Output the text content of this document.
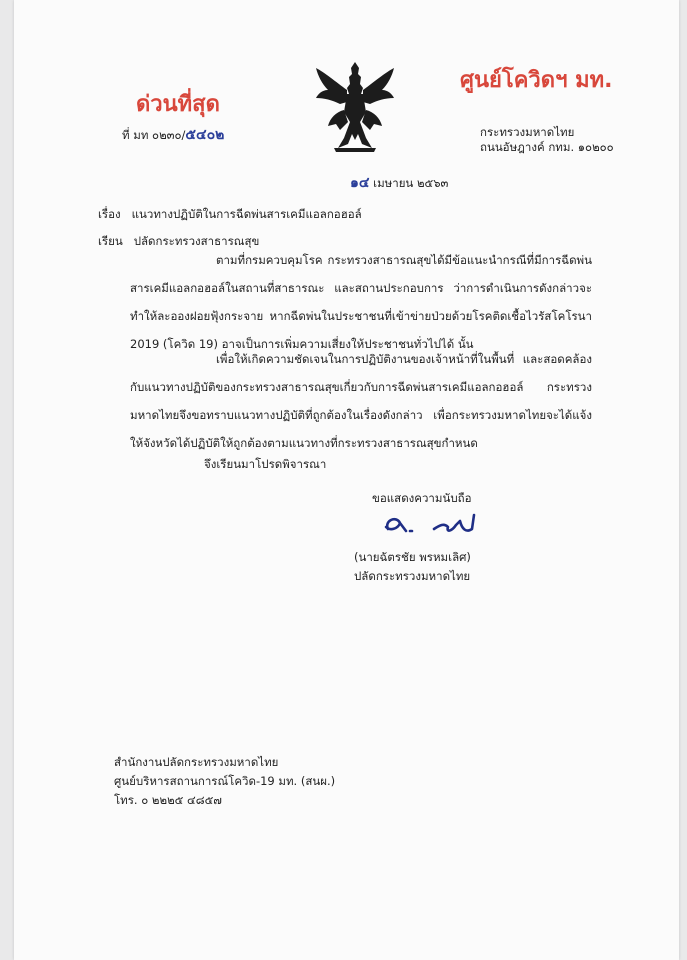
ด่วนที่สุด
ศูนย์โควิดฯ มท.
ที่ มท ๐๒๓๐/๕๔๐๒	กระทรวงมหาดไทย
ถนนอัษฎางค์ กทม. ๑๐๒๐๐
๑๔ เมษายน ๒๕๖๓
เรื่อง แนวทางปฏิบัติในการฉีดพ่นสารเคมีแอลกอฮอล์
เรียน ปลัดกระทรวงสาธารณสุข
ตามที่กรมควบคุมโรค กระทรวงสาธารณสุขได้มีข้อแนะนำกรณีที่มีการฉีดพ่นสารเคมีแอลกอฮอล์ในสถานที่สาธารณะ และสถานประกอบการ ว่าการดำเนินการดังกล่าวจะทำให้ละอองฝอยฟุ้งกระจาย หากฉีดพ่นในประชาชนที่เข้าข่ายป่วยด้วยโรคติดเชื้อไวรัสโคโรนา 2019 (โควิด 19) อาจเป็นการเพิ่มความเสี่ยงให้ประชาชนทั่วไปได้ นั้น
เพื่อให้เกิดความชัดเจนในการปฏิบัติงานของเจ้าหน้าที่ในพื้นที่ และสอดคล้องกับแนวทางปฏิบัติของกระทรวงสาธารณสุขเกี่ยวกับการฉีดพ่นสารเคมีแอลกอฮอล์ กระทรวงมหาดไทยจึงขอทราบแนวทางปฏิบัติที่ถูกต้องในเรื่องดังกล่าว เพื่อกระทรวงมหาดไทยจะได้แจ้งให้จังหวัดได้ปฏิบัติให้ถูกต้องตามแนวทางที่กระทรวงสาธารณสุขกำหนด
จึงเรียนมาโปรดพิจารณา
ขอแสดงความนับถือ
(นายฉัตรชัย พรหมเลิศ)
ปลัดกระทรวงมหาดไทย
สำนักงานปลัดกระทรวงมหาดไทย
ศูนย์บริหารสถานการณ์โควิด-19 มท. (สนผ.)
โทร. ๐ ๒๒๒๕ ๔๘๕๗
